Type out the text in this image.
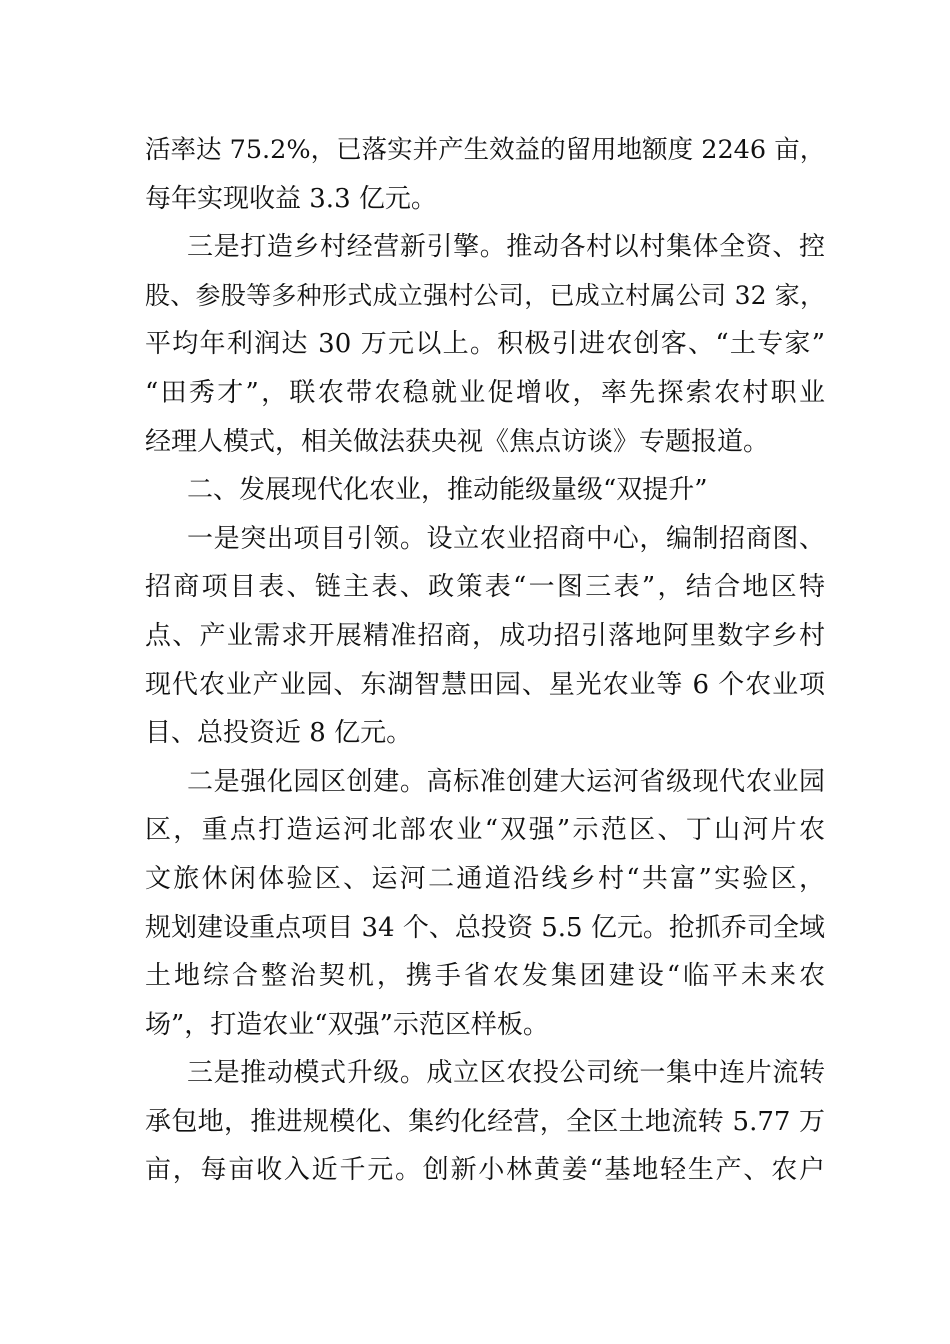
活率达 75.2%，已落实并产生效益的留用地额度 2246 亩，
每年实现收益 3.3 亿元。
三是打造乡村经营新引擎。推动各村以村集体全资、控
股、参股等多种形式成立强村公司，已成立村属公司 32 家，
平均年利润达 30 万元以上。积极引进农创客、“土专家”
“田秀才”，联农带农稳就业促增收，率先探索农村职业
经理人模式，相关做法获央视《焦点访谈》专题报道。
二、发展现代化农业，推动能级量级“双提升”
一是突出项目引领。设立农业招商中心，编制招商图、
招商项目表、链主表、政策表“一图三表”，结合地区特
点、产业需求开展精准招商，成功招引落地阿里数字乡村
现代农业产业园、东湖智慧田园、星光农业等 6 个农业项
目、总投资近 8 亿元。
二是强化园区创建。高标准创建大运河省级现代农业园
区，重点打造运河北部农业“双强”示范区、丁山河片农
文旅休闲体验区、运河二通道沿线乡村“共富”实验区，
规划建设重点项目 34 个、总投资 5.5 亿元。抢抓乔司全域
土地综合整治契机，携手省农发集团建设“临平未来农
场”，打造农业“双强”示范区样板。
三是推动模式升级。成立区农投公司统一集中连片流转
承包地，推进规模化、集约化经营，全区土地流转 5.77 万
亩，每亩收入近千元。创新小林黄姜“基地轻生产、农户
